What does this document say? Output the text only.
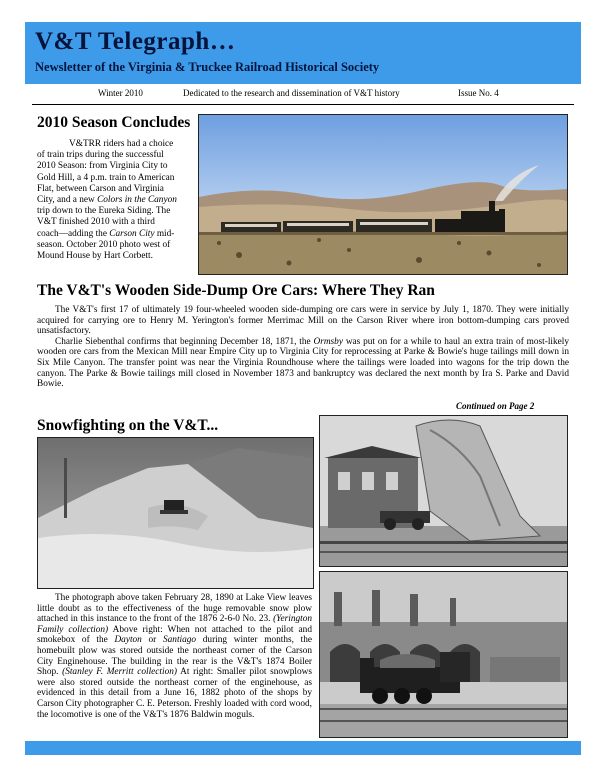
V&T Telegraph…
Newsletter of the Virginia & Truckee Railroad Historical Society
Winter 2010	Dedicated to the research and dissemination of V&T history	Issue No. 4
2010 Season Concludes
V&TRR riders had a choice
of train trips during the successful
2010 Season: from Virginia City to
Gold Hill, a 4 p.m. train to American
Flat, between Carson and Virginia
City, and a new Colors in the Canyon
trip down to the Eureka Siding. The
V&T finished 2010 with a third
coach—adding the Carson City mid-
season. October 2010 photo west of
Mound House by Hart Corbett.
The V&T's Wooden Side-Dump Ore Cars: Where They Ran

The V&T's first 17 of ultimately 19 four-wheeled wooden side-dumping ore cars were in service by July 1, 1870. They were initially acquired for carrying ore to Henry M. Yerington's former Merrimac Mill on the Carson River where iron bottom-dumping cars proved unsatisfactory.

Charlie Siebenthal confirms that beginning December 18, 1871, the Ormsby was put on for a while to haul an extra train of most-likely wooden ore cars from the Mexican Mill near Empire City up to Virginia City for reprocessing at Parke & Bowie's huge tailings mill down in Six Mile Canyon. The transfer point was near the Virginia Roundhouse where the tailings were loaded into wagons for the trip down the canyon. The Parke & Bowie tailings mill closed in November 1873 and bankruptcy was declared the next month by Ira S. Parke and David Bowie.

Continued on Page 2
Snowfighting on the V&T...

The photograph above taken February 28, 1890 at Lake View leaves little doubt as to the effectiveness of the huge removable snow plow attached in this instance to the front of the 1876 2-6-0 No. 23. (Yerington Family collection) Above right: When not attached to the pilot and smokebox of the Dayton or Santiago during winter months, the homebuilt plow was stored outside the northeast corner of the Carson City Enginehouse. The building in the rear is the V&T's 1874 Boiler Shop. (Stanley F. Merritt collection) At right: Smaller pilot snowplows were also stored outside the northeast corner of the enginehouse, as evidenced in this detail from a June 16, 1882 photo of the shops by Carson City photographer C. E. Peterson. Freshly loaded with cord wood, the locomotive is one of the V&T's 1876 Baldwin moguls.
